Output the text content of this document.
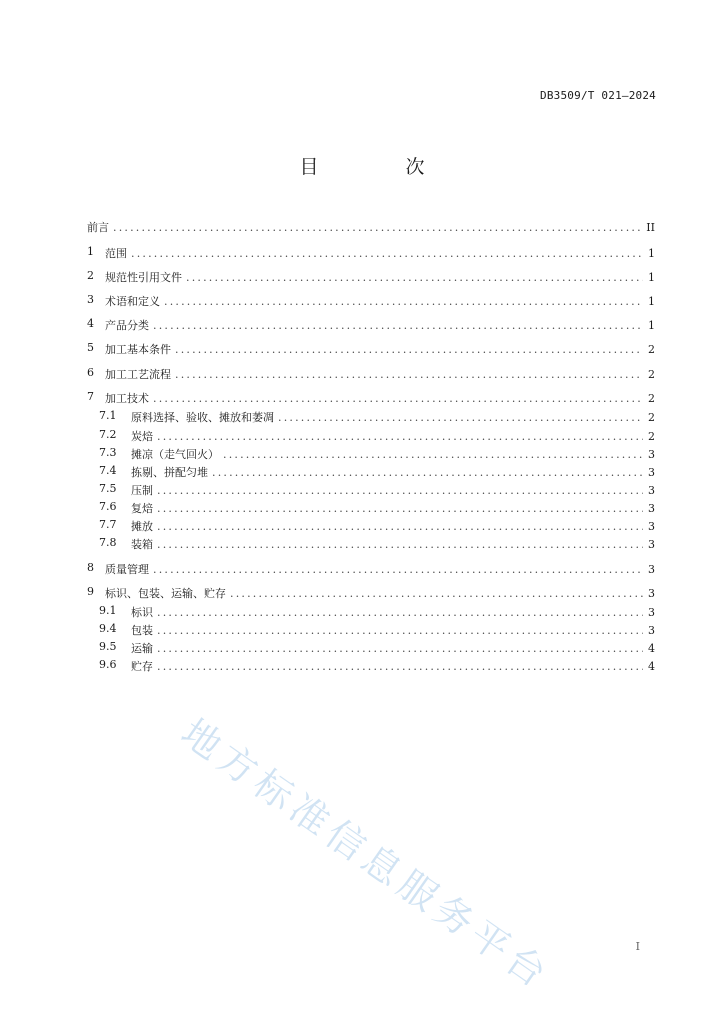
DB3509/T 021—2024
目　次
前言 .....	II
1	范围 .....	1
2	规范性引用文件 .....	1
3	术语和定义 .....	1
4	产品分类 .....	1
5	加工基本条件 .....	2
6	加工工艺流程 .....	2
7	加工技术 .....	2
7.1	原料选择、验收、摊放和萎凋 .....	2
7.2	炭焙 .....	2
7.3	摊凉（走气回火） .....	3
7.4	拣剔、拼配匀堆 .....	3
7.5	压制 .....	3
7.6	复焙 .....	3
7.7	摊放 .....	3
7.8	装箱 .....	3
8	质量管理 .....	3
9	标识、包装、运输、贮存 .....	3
9.1	标识 .....	3
9.4	包装 .....	3
9.5	运输 .....	4
9.6	贮存 .....	4
地方标准信息服务平台	I
